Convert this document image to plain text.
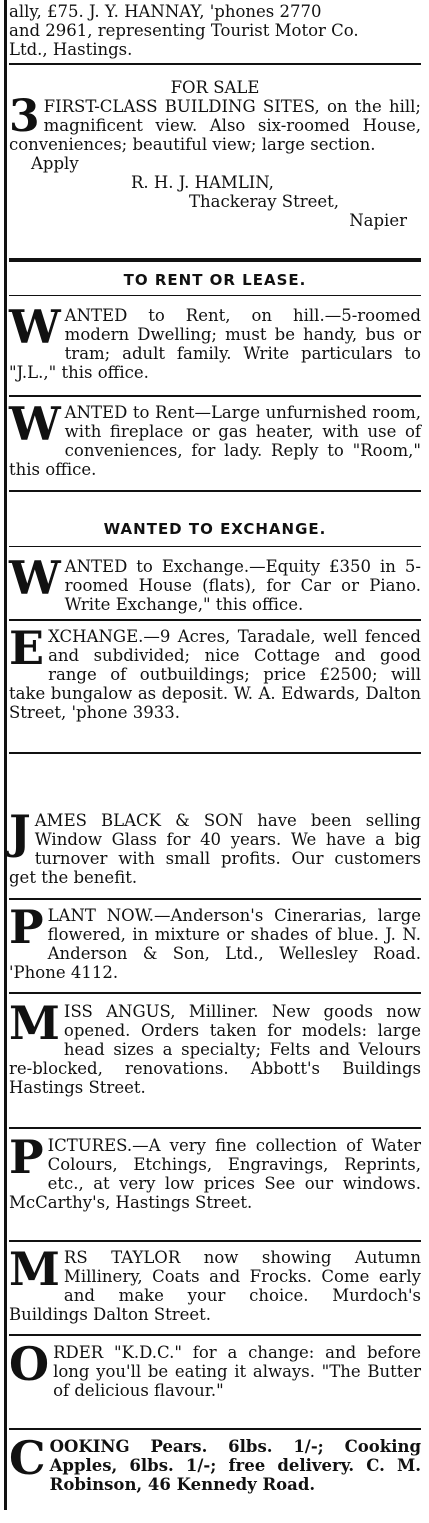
ally, £75. J. Y. HANNAY, 'phones 2770

and 2961, representing Tourist Motor Co.

Ltd., Hastings.

FOR SALE

3 FIRST-CLASS BUILDING SITES, on the hill; magnificent view. Also six-roomed House, conveniences; beautiful view; large section.

Apply
R. H. J. HAMLIN,
Thackeray Street,
Napier
TO RENT OR LEASE.

WANTED to Rent, on hill.—5-roomed modern Dwelling; must be handy, bus or tram; adult family. Write particulars to "J.L.," this office.

WANTED to Rent—Large unfurnished room, with fireplace or gas heater, with use of conveniences, for lady. Reply to "Room," this office.

WANTED TO EXCHANGE.

WANTED to Exchange.—Equity £350 in 5-roomed House (flats), for Car or Piano. Write Exchange," this office.

EXCHANGE.—9 Acres, Taradale, well fenced and subdivided; nice Cottage and good range of outbuildings; price £2500; will take bungalow as deposit. W. A. Edwards, Dalton Street, 'phone 3933.

JAMES BLACK & SON have been selling Window Glass for 40 years. We have a big turnover with small profits. Our customers get the benefit.

PLANT NOW.—Anderson's Cinerarias, large flowered, in mixture or shades of blue. J. N. Anderson & Son, Ltd., Wellesley Road. 'Phone 4112.

MISS ANGUS, Milliner. New goods now opened. Orders taken for models: large head sizes a specialty; Felts and Velours re-blocked, renovations. Abbott's Buildings Hastings Street.

PICTURES.—A very fine collection of Water Colours, Etchings, Engravings, Reprints, etc., at very low prices See our windows. McCarthy's, Hastings Street.

MRS TAYLOR now showing Autumn Millinery, Coats and Frocks. Come early and make your choice. Murdoch's Buildings Dalton Street.

ORDER "K.D.C." for a change: and before long you'll be eating it always. "The Butter of delicious flavour."

COOKING Pears. 6lbs. 1/-; Cooking Apples, 6lbs. 1/-; free delivery. C. M. Robinson, 46 Kennedy Road.
